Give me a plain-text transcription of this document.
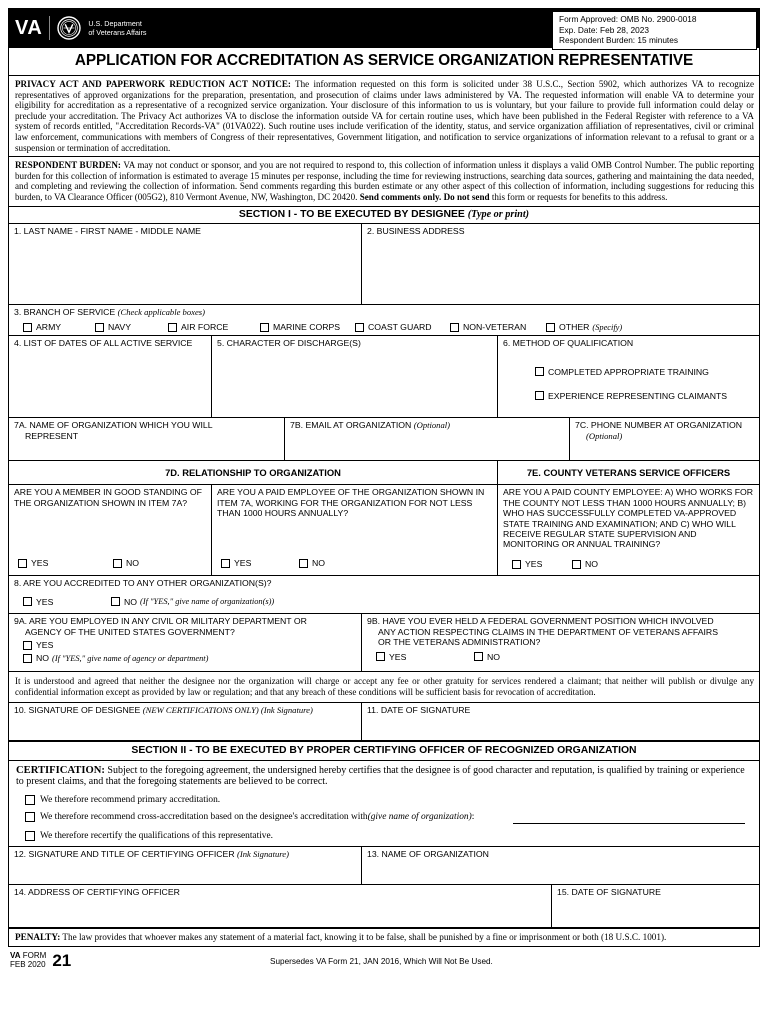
VA	U.S. Department
of Veterans Affairs
Form Approved: OMB No. 2900-0018
Exp. Date: Feb 28, 2023
Respondent Burden: 15 minutes
APPLICATION FOR ACCREDITATION AS SERVICE ORGANIZATION REPRESENTATIVE
PRIVACY ACT AND PAPERWORK REDUCTION ACT NOTICE: The information requested on this form is solicited under 38 U.S.C., Section 5902, which authorizes VA to recognize representatives of approved organizations for the preparation, presentation, and prosecution of claims under laws administered by VA. The requested information will enable VA to determine your eligibility for accreditation as a representative of a recognized service organization. Your disclosure of this information to us is voluntary, but your failure to provide full information could delay or preclude your accreditation. The Privacy Act authorizes VA to disclose the information outside VA for certain routine uses, which have been published in the Federal Register with reference to a VA system of records entitled, "Accreditation Records-VA" (01VA022). Such routine uses include verification of the identity, status, and service organization affiliation of representatives, civil or criminal law enforcement, communications with members of Congress of their representatives, Government litigation, and notification to service organizations of information relevant to a refusal to grant or a suspension or termination of accreditation.
RESPONDENT BURDEN: VA may not conduct or sponsor, and you are not required to respond to, this collection of information unless it displays a valid OMB Control Number. The public reporting burden for this collection of information is estimated to average 15 minutes per response, including the time for reviewing instructions, searching data sources, gathering and maintaining the data needed, and completing and reviewing the collection of information. Send comments regarding this burden estimate or any other aspect of this collection of information, including suggestions for reducing this burden, to VA Clearance Officer (005G2), 810 Vermont Avenue, NW, Washington, DC 20420. Send comments only. Do not send this form or requests for benefits to this address.
SECTION I - TO BE EXECUTED BY DESIGNEE (Type or print)
1. LAST NAME - FIRST NAME - MIDDLE NAME	2. BUSINESS ADDRESS
3. BRANCH OF SERVICE (Check applicable boxes)
ARMY	NAVY	AIR FORCE	MARINE CORPS	COAST GUARD	NON-VETERAN	OTHER (Specify)
4. LIST OF DATES OF ALL ACTIVE SERVICE	5. CHARACTER OF DISCHARGE(S)	6. METHOD OF QUALIFICATION
COMPLETED APPROPRIATE TRAINING
EXPERIENCE REPRESENTING CLAIMANTS
7A. NAME OF ORGANIZATION WHICH YOU WILL

REPRESENT
7B. EMAIL AT ORGANIZATION (Optional)	7C. PHONE NUMBER AT ORGANIZATION
(Optional)
7D. RELATIONSHIP TO ORGANIZATION	7E. COUNTY VETERANS SERVICE OFFICERS
ARE YOU A MEMBER IN GOOD STANDING OF THE ORGANIZATION SHOWN IN ITEM 7A?
YES	NO
ARE YOU A PAID EMPLOYEE OF THE ORGANIZATION SHOWN IN ITEM 7A, WORKING FOR THE ORGANIZATION FOR NOT LESS THAN 1000 HOURS ANNUALLY?
YES	NO
ARE YOU A PAID COUNTY EMPLOYEE: A) WHO WORKS FOR THE COUNTY NOT LESS THAN 1000 HOURS ANNUALLY; B) WHO HAS SUCCESSFULLY COMPLETED VA-APPROVED STATE TRAINING AND EXAMINATION; AND C) WHO WILL RECEIVE REGULAR STATE SUPERVISION AND MONITORING OR ANNUAL TRAINING?
YES	NO
8. ARE YOU ACCREDITED TO ANY OTHER ORGANIZATION(S)?
YES	NO (If "YES," give name of organization(s))
9A. ARE YOU EMPLOYED IN ANY CIVIL OR MILITARY DEPARTMENT OR

AGENCY OF THE UNITED STATES GOVERNMENT?
YES
NO (If "YES," give name of agency or department)
9B. HAVE YOU EVER HELD A FEDERAL GOVERNMENT POSITION WHICH INVOLVED

ANY ACTION RESPECTING CLAIMS IN THE DEPARTMENT OF VETERANS AFFAIRS
OR THE VETERANS ADMINISTRATION?
YES	NO
It is understood and agreed that neither the designee nor the organization will charge or accept any fee or other gratuity for services rendered a claimant; that neither will publish or divulge any confidential information except as provided by law or regulation; and that any breach of these conditions will be sufficient basis for revocation of accreditation.
10. SIGNATURE OF DESIGNEE (NEW CERTIFICATIONS ONLY) (Ink Signature)	11. DATE OF SIGNATURE
SECTION II - TO BE EXECUTED BY PROPER CERTIFYING OFFICER OF RECOGNIZED ORGANIZATION
CERTIFICATION: Subject to the foregoing agreement, the undersigned hereby certifies that the designee is of good character and reputation, is qualified by training or experience to present claims, and that the foregoing statements are believed to be correct.
We therefore recommend primary accreditation.
We therefore recommend cross-accreditation based on the designee's accreditation with (give name of organization) :
We therefore recertify the qualifications of this representative.
12. SIGNATURE AND TITLE OF CERTIFYING OFFICER (Ink Signature)	13. NAME OF ORGANIZATION
14. ADDRESS OF CERTIFYING OFFICER	15. DATE OF SIGNATURE
PENALTY: The law provides that whoever makes any statement of a material fact, knowing it to be false, shall be punished by a fine or imprisonment or both (18 U.S.C. 1001).
VA FORM
FEB 2020 21	Supersedes VA Form 21, JAN 2016, Which Will Not Be Used.
